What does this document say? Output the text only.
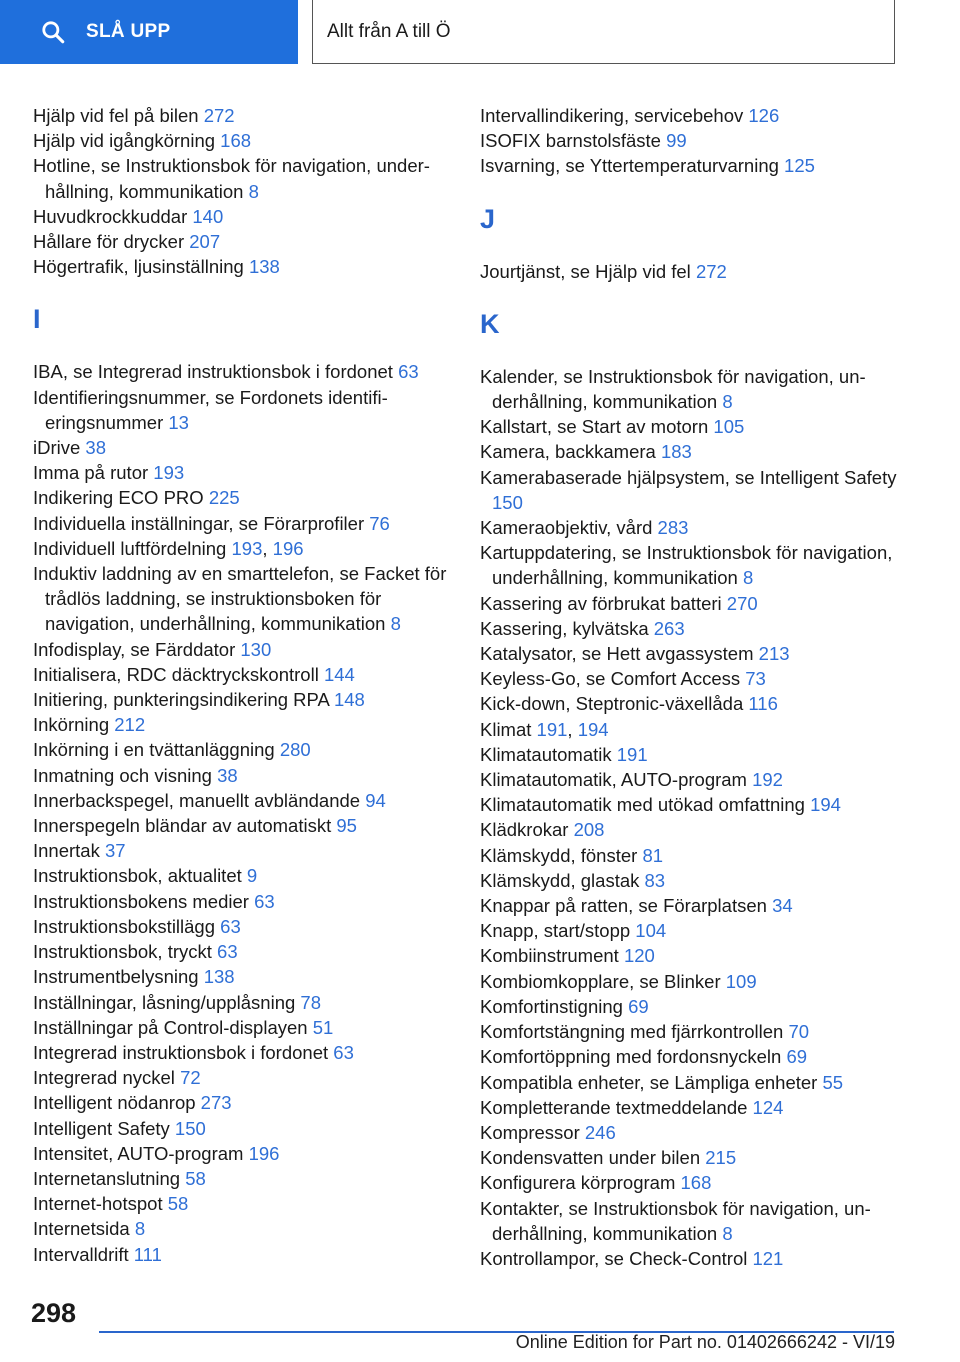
SLÅ UPP	Allt från A till Ö
Hjälp vid fel på bilen 272
Hjälp vid igångkörning 168
Hotline, se Instruktionsbok för navigation, underhållning, kommunikation 8
Huvudkrockkuddar 140
Hållare för drycker 207
Högertrafik, ljusinställning 138
I
IBA, se Integrerad instruktionsbok i fordonet 63
Identifieringsnummer, se Fordonets identifieringsnummer 13
iDrive 38
Imma på rutor 193
Indikering ECO PRO 225
Individuella inställningar, se Förarprofiler 76
Individuell luftfördelning 193, 196
Induktiv laddning av en smarttelefon, se Facket för trådlös laddning, se instruktionsboken för navigation, underhållning, kommunikation 8
Infodisplay, se Färddator 130
Initialisera, RDC däcktryckskontroll 144
Initiering, punkteringsindikering RPA 148
Inkörning 212
Inkörning i en tvättanläggning 280
Inmatning och visning 38
Innerbackspegel, manuellt avbländande 94
Innerspegeln bländar av automatiskt 95
Innertak 37
Instruktionsbok, aktualitet 9
Instruktionsbokens medier 63
Instruktionsbokstillägg 63
Instruktionsbok, tryckt 63
Instrumentbelysning 138
Inställningar, låsning/upplåsning 78
Inställningar på Control-displayen 51
Integrerad instruktionsbok i fordonet 63
Integrerad nyckel 72
Intelligent nödanrop 273
Intelligent Safety 150
Intensitet, AUTO-program 196
Internetanslutning 58
Internet-hotspot 58
Internetsida 8
Intervalldrift 111
Intervallindikering, servicebehov 126
ISOFIX barnstolsfäste 99
Isvarning, se Yttertemperaturvarning 125
J
Jourtjänst, se Hjälp vid fel 272
K
Kalender, se Instruktionsbok för navigation, underhållning, kommunikation 8
Kallstart, se Start av motorn 105
Kamera, backkamera 183
Kamerabaserade hjälpsystem, se Intelligent Safety 150
Kameraobjektiv, vård 283
Kartuppdatering, se Instruktionsbok för navigation, underhållning, kommunikation 8
Kassering av förbrukat batteri 270
Kassering, kylvätska 263
Katalysator, se Hett avgassystem 213
Keyless-Go, se Comfort Access 73
Kick-down, Steptronic-växellåda 116
Klimat 191, 194
Klimatautomatik 191
Klimatautomatik, AUTO-program 192
Klimatautomatik med utökad omfattning 194
Klädkrokar 208
Klämskydd, fönster 81
Klämskydd, glastak 83
Knappar på ratten, se Förarplatsen 34
Knapp, start/stopp 104
Kombiinstrument 120
Kombiomkopplare, se Blinker 109
Komfortinstigning 69
Komfortstängning med fjärrkontrollen 70
Komfortöppning med fordonsnyckeln 69
Kompatibla enheter, se Lämpliga enheter 55
Kompletterande textmeddelande 124
Kompressor 246
Kondensvatten under bilen 215
Konfigurera körprogram 168
Kontakter, se Instruktionsbok för navigation, underhållning, kommunikation 8
Kontrollampor, se Check-Control 121
298
Online Edition for Part no. 01402666242 - VI/19
